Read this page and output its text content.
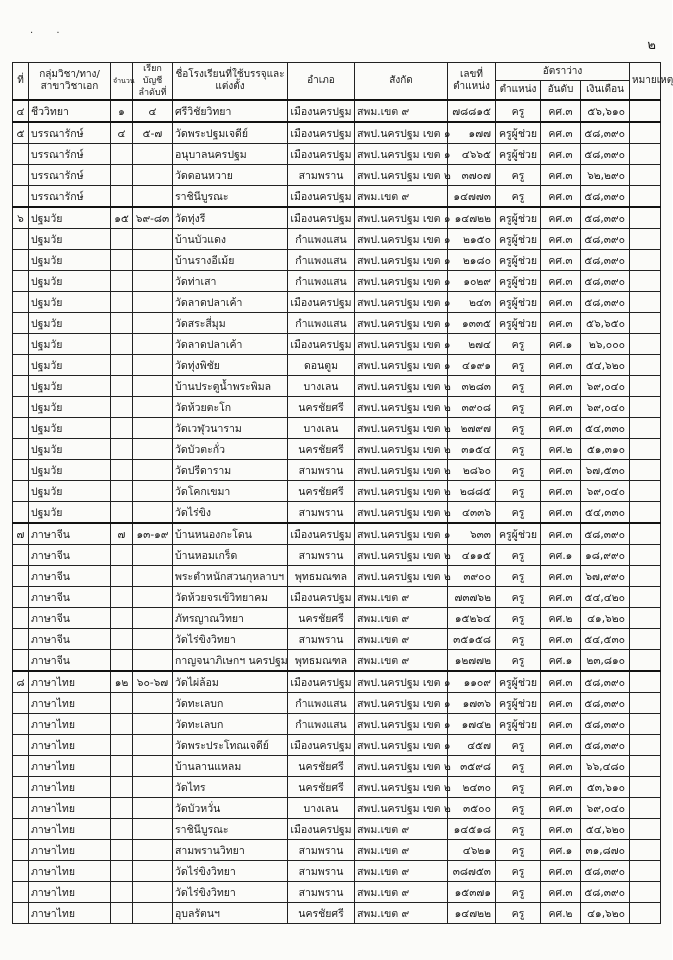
· ·
๒
ที่	กลุ่มวิชา/ทาง/สาขาวิชาเอก	จำนวน	เรียกบัญชีลำดับที่	ชื่อโรงเรียนที่ใช้บรรจุและแต่งตั้ง	อำเภอ	สังกัด	เลขที่ตำแหน่ง	อัตราว่าง			หมายเหตุ
								ตำแหน่ง	อันดับ	เงินเดือน	
๔	ชีววิทยา	๑	๔	ศรีวิชัยวิทยา	เมืองนครปฐม	สพม.เขต ๙	๗๘๘๑๕	ครู	คศ.๓	๕๖,๖๑๐	
๕	บรรณารักษ์	๔	๕-๗	วัดพระปฐมเจดีย์	เมืองนครปฐม	สพป.นครปฐม เขต ๑	๑๗๗	ครูผู้ช่วย	คศ.๓	๕๘,๓๙๐	
	บรรณารักษ์			อนุบาลนครปฐม	เมืองนครปฐม	สพป.นครปฐม เขต ๑	๔๖๖๕	ครูผู้ช่วย	คศ.๓	๕๘,๓๙๐	
	บรรณารักษ์			วัดดอนหวาย	สามพราน	สพป.นครปฐม เขต ๒	๓๗๐๗	ครู	คศ.๓	๖๒,๒๙๐	
	บรรณารักษ์			ราชินีบูรณะ	เมืองนครปฐม	สพม.เขต ๙	๑๔๗๗๓	ครู	คศ.๓	๕๘,๓๙๐	
๖	ปฐมวัย	๑๕	๖๙-๘๓	วัดทุ่งรี	เมืองนครปฐม	สพป.นครปฐม เขต ๑	๑๔๗๒๒	ครูผู้ช่วย	คศ.๓	๕๘,๓๙๐	
	ปฐมวัย			บ้านบัวแดง	กำแพงแสน	สพป.นครปฐม เขต ๑	๒๑๕๐	ครูผู้ช่วย	คศ.๓	๕๘,๓๙๐	
	ปฐมวัย			บ้านรางอีเม้ย	กำแพงแสน	สพป.นครปฐม เขต ๑	๒๑๘๐	ครูผู้ช่วย	คศ.๓	๕๘,๓๙๐	
	ปฐมวัย			วัดท่าเสา	กำแพงแสน	สพป.นครปฐม เขต ๑	๑๐๒๙	ครูผู้ช่วย	คศ.๓	๕๘,๓๙๐	
	ปฐมวัย			วัดลาดปลาเค้า	เมืองนครปฐม	สพป.นครปฐม เขต ๑	๒๔๓	ครูผู้ช่วย	คศ.๓	๕๘,๓๙๐	
	ปฐมวัย			วัดสระสี่มุม	กำแพงแสน	สพป.นครปฐม เขต ๑	๑๓๓๕	ครูผู้ช่วย	คศ.๓	๕๖,๖๕๐	
	ปฐมวัย			วัดลาดปลาเค้า	เมืองนครปฐม	สพป.นครปฐม เขต ๑	๒๗๔	ครู	คศ.๑	๒๖,๐๐๐	
	ปฐมวัย			วัดทุ่งพิชัย	ดอนตูม	สพป.นครปฐม เขต ๑	๔๑๙๑	ครู	คศ.๓	๕๔,๖๒๐	
	ปฐมวัย			บ้านประตูน้ำพระพิมล	บางเลน	สพป.นครปฐม เขต ๒	๓๒๘๓	ครู	คศ.๓	๖๙,๐๔๐	
	ปฐมวัย			วัดห้วยตะโก	นครชัยศรี	สพป.นครปฐม เขต ๒	๓๙๐๘	ครู	คศ.๓	๖๙,๐๔๐	
	ปฐมวัย			วัดเวฬุวนาราม	บางเลน	สพป.นครปฐม เขต ๒	๒๗๙๗	ครู	คศ.๓	๕๔,๓๓๐	
	ปฐมวัย			วัดบัวตะกั่ว	นครชัยศรี	สพป.นครปฐม เขต ๒	๓๑๕๔	ครู	คศ.๒	๕๑,๓๑๐	
	ปฐมวัย			วัดปรีดาราม	สามพราน	สพป.นครปฐม เขต ๒	๒๘๖๐	ครู	คศ.๓	๖๗,๕๓๐	
	ปฐมวัย			วัดโคกเขมา	นครชัยศรี	สพป.นครปฐม เขต ๒	๒๘๘๕	ครู	คศ.๓	๖๙,๐๔๐	
	ปฐมวัย			วัดไร่ขิง	สามพราน	สพป.นครปฐม เขต ๒	๔๓๓๖	ครู	คศ.๓	๕๔,๓๓๐	
๗	ภาษาจีน	๗	๑๓-๑๙	บ้านหนองกะโดน	เมืองนครปฐม	สพป.นครปฐม เขต ๑	๖๓๓	ครูผู้ช่วย	คศ.๓	๕๘,๓๙๐	
	ภาษาจีน			บ้านหอมเกร็ด	สามพราน	สพป.นครปฐม เขต ๒	๔๑๑๕	ครู	คศ.๑	๑๘,๙๙๐	
	ภาษาจีน			พระตำหนักสวนกุหลาบฯ	พุทธมณฑล	สพป.นครปฐม เขต ๒	๓๙๐๐	ครู	คศ.๓	๖๗,๙๙๐	
	ภาษาจีน			วัดห้วยจรเข้วิทยาคม	เมืองนครปฐม	สพม.เขต ๙	๗๓๗๖๒	ครู	คศ.๓	๕๔,๔๒๐	
	ภาษาจีน			ภัทรญาณวิทยา	นครชัยศรี	สพม.เขต ๙	๑๕๒๖๔	ครู	คศ.๒	๔๑,๖๒๐	
	ภาษาจีน			วัดไร่ขิงวิทยา	สามพราน	สพม.เขต ๙	๓๕๑๕๘	ครู	คศ.๓	๕๔,๕๓๐	
	ภาษาจีน			กาญจนาภิเษกฯ นครปฐม	พุทธมณฑล	สพม.เขต ๙	๑๒๗๗๒	ครู	คศ.๑	๒๓,๘๑๐	
๘	ภาษาไทย	๑๒	๖๐-๖๗	วัดไผ่ล้อม	เมืองนครปฐม	สพป.นครปฐม เขต ๑	๑๑๐๙	ครูผู้ช่วย	คศ.๓	๕๘,๓๙๐	
	ภาษาไทย			วัดทะเลบก	กำแพงแสน	สพป.นครปฐม เขต ๑	๑๗๓๖	ครูผู้ช่วย	คศ.๓	๕๘,๓๙๐	
	ภาษาไทย			วัดทะเลบก	กำแพงแสน	สพป.นครปฐม เขต ๑	๑๗๔๒	ครูผู้ช่วย	คศ.๓	๕๘,๓๙๐	
	ภาษาไทย			วัดพระประโทณเจดีย์	เมืองนครปฐม	สพป.นครปฐม เขต ๑	๔๕๗	ครู	คศ.๓	๕๘,๓๙๐	
	ภาษาไทย			บ้านลานแหลม	นครชัยศรี	สพป.นครปฐม เขต ๒	๓๕๙๘	ครู	คศ.๓	๖๖,๔๘๐	
	ภาษาไทย			วัดไทร	นครชัยศรี	สพป.นครปฐม เขต ๒	๒๔๓๐	ครู	คศ.๓	๕๓,๖๑๐	
	ภาษาไทย			วัดบัวหวั่น	บางเลน	สพป.นครปฐม เขต ๒	๓๕๐๐	ครู	คศ.๓	๖๙,๐๔๐	
	ภาษาไทย			ราชินีบูรณะ	เมืองนครปฐม	สพม.เขต ๙	๑๔๕๑๘	ครู	คศ.๓	๕๔,๖๒๐	
	ภาษาไทย			สามพรานวิทยา	สามพราน	สพม.เขต ๙	๔๖๒๑	ครู	คศ.๑	๓๑,๘๗๐	
	ภาษาไทย			วัดไร่ขิงวิทยา	สามพราน	สพม.เขต ๙	๓๘๗๕๓	ครู	คศ.๓	๕๘,๓๙๐	
	ภาษาไทย			วัดไร่ขิงวิทยา	สามพราน	สพม.เขต ๙	๑๕๓๗๑	ครู	คศ.๓	๕๘,๓๙๐	
	ภาษาไทย			อุบลรัตนฯ	นครชัยศรี	สพม.เขต ๙	๑๔๗๒๒	ครู	คศ.๒	๔๑,๖๒๐	
